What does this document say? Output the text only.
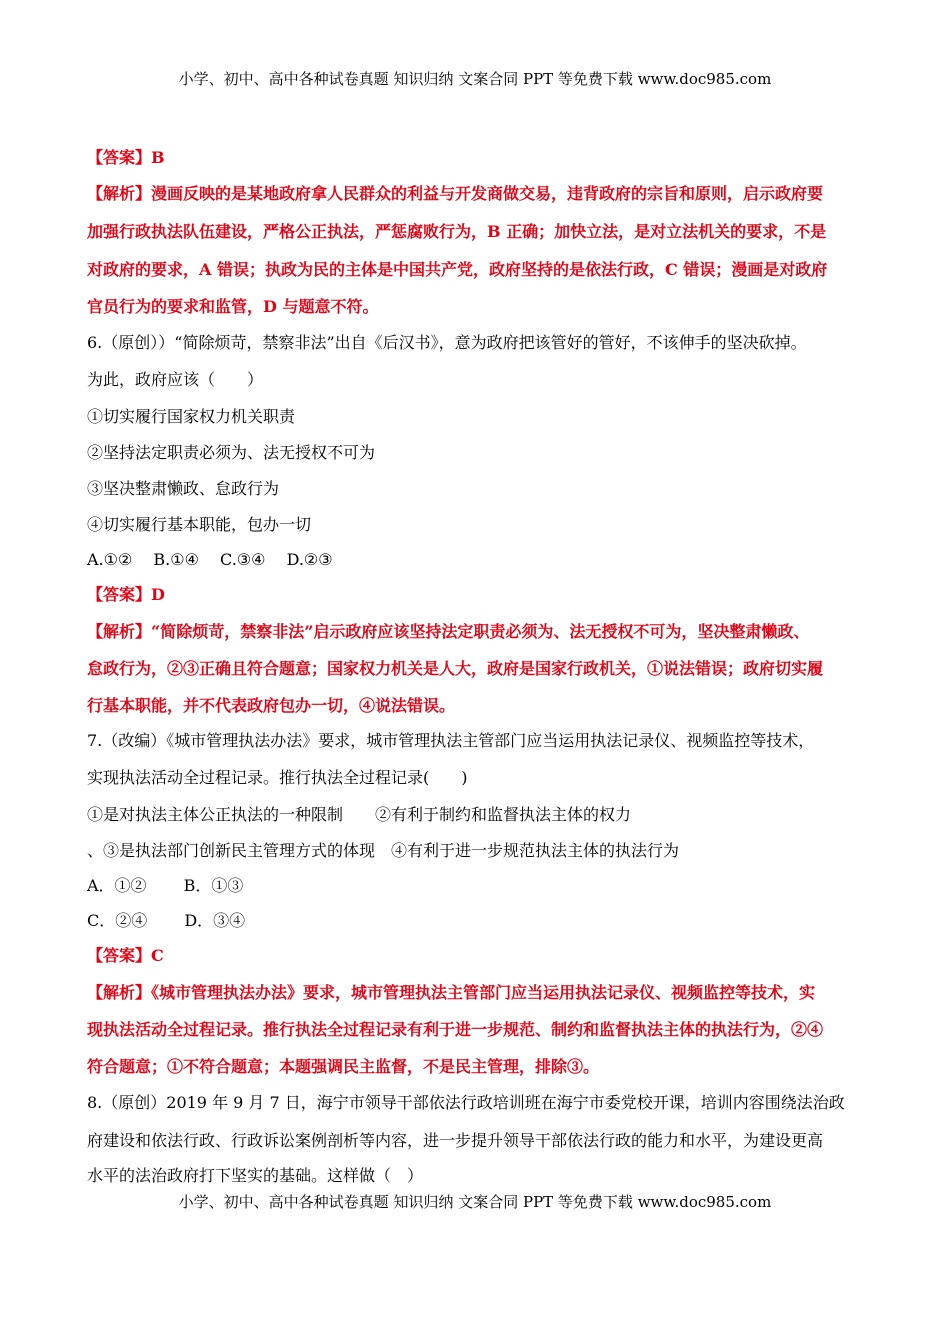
小学、初中、高中各种试卷真题 知识归纳 文案合同 PPT 等免费下载 www.doc985.com
【答案】B
【解析】漫画反映的是某地政府拿人民群众的利益与开发商做交易，违背政府的宗旨和原则，启示政府要
加强行政执法队伍建设，严格公正执法，严惩腐败行为，B 正确；加快立法，是对立法机关的要求，不是
对政府的要求，A 错误；执政为民的主体是中国共产党，政府坚持的是依法行政，C 错误；漫画是对政府
官员行为的要求和监管，D 与题意不符。
6.（原创））“简除烦苛，禁察非法”出自《后汉书》，意为政府把该管好的管好，不该伸手的坚决砍掉。
为此，政府应该（　　）
①切实履行国家权力机关职责
②坚持法定职责必须为、法无授权不可为
③坚决整肃懒政、怠政行为
④切实履行基本职能，包办一切
A.①②　 B.①④　 C.③④　 D.②③
【答案】D
【解析】“简除烦苛，禁察非法”启示政府应该坚持法定职责必须为、法无授权不可为，坚决整肃懒政、
怠政行为，②③正确且符合题意；国家权力机关是人大，政府是国家行政机关，①说法错误；政府切实履
行基本职能，并不代表政府包办一切，④说法错误。
7.（改编）《城市管理执法办法》要求，城市管理执法主管部门应当运用执法记录仪、视频监控等技术，
实现执法活动全过程记录。推行执法全过程记录(　　)
①是对执法主体公正执法的一种限制　　②有利于制约和监督执法主体的权力
、③是执法部门创新民主管理方式的体现　④有利于进一步规范执法主体的执法行为
A．①②　　 B．①③
C．②④　　 D．③④
【答案】C
【解析】《城市管理执法办法》要求，城市管理执法主管部门应当运用执法记录仪、视频监控等技术，实
现执法活动全过程记录。推行执法全过程记录有利于进一步规范、制约和监督执法主体的执法行为，②④
符合题意；①不符合题意；本题强调民主监督，不是民主管理，排除③。
8.（原创）2019 年 9 月 7 日，海宁市领导干部依法行政培训班在海宁市委党校开课，培训内容围绕法治政
府建设和依法行政、行政诉讼案例剖析等内容，进一步提升领导干部依法行政的能力和水平，为建设更高
水平的法治政府打下坚实的基础。这样做（　）
小学、初中、高中各种试卷真题 知识归纳 文案合同 PPT 等免费下载 www.doc985.com
